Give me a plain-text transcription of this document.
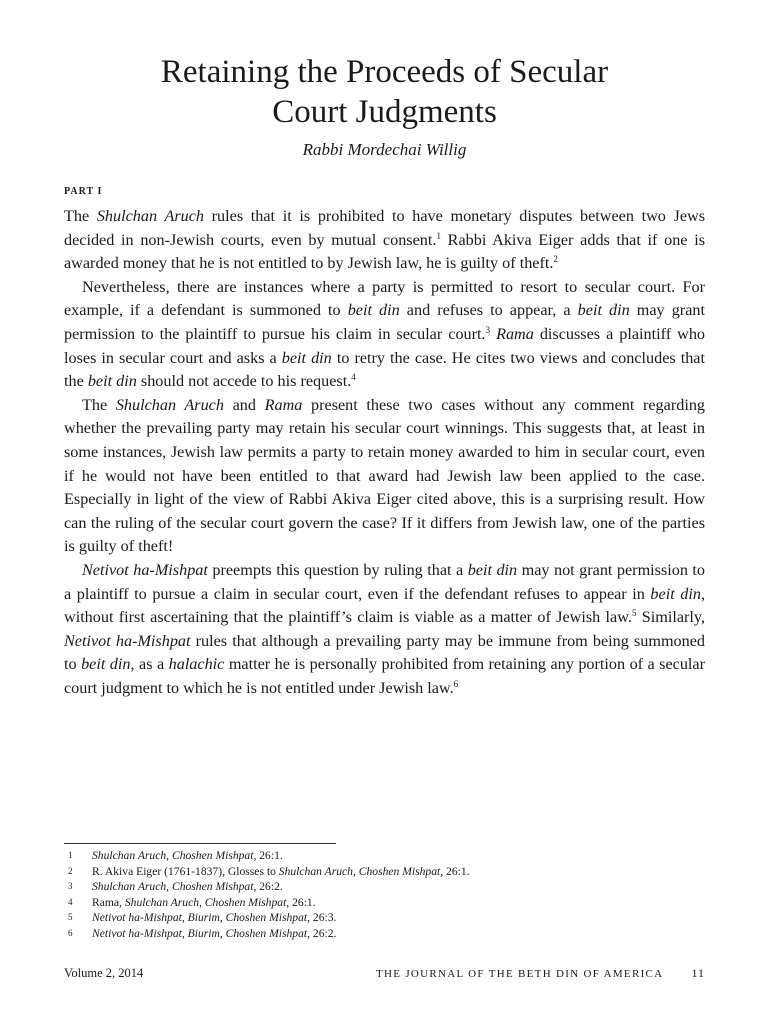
Retaining the Proceeds of Secular
Court Judgments

Rabbi Mordechai Willig

PART I

The Shulchan Aruch rules that it is prohibited to have monetary disputes between two Jews decided in non-Jewish courts, even by mutual consent.$^1$ Rabbi Akiva Eiger adds that if one is awarded money that he is not entitled to by Jewish law, he is guilty of theft.$^2$

Nevertheless, there are instances where a party is permitted to resort to secular court. For example, if a defendant is summoned to beit din and refuses to appear, a beit din may grant permission to the plaintiff to pursue his claim in secular court.$^3$ Rama discusses a plaintiff who loses in secular court and asks a beit din to retry the case. He cites two views and concludes that the beit din should not accede to his request.$^4$

The Shulchan Aruch and Rama present these two cases without any comment regarding whether the prevailing party may retain his secular court winnings. This suggests that, at least in some instances, Jewish law permits a party to retain money awarded to him in secular court, even if he would not have been entitled to that award had Jewish law been applied to the case. Especially in light of the view of Rabbi Akiva Eiger cited above, this is a surprising result. How can the ruling of the secular court govern the case? If it differs from Jewish law, one of the parties is guilty of theft!

Netivot ha-Mishpat preempts this question by ruling that a beit din may not grant permission to a plaintiff to pursue a claim in secular court, even if the defendant refuses to appear in beit din, without first ascertaining that the plaintiff’s claim is viable as a matter of Jewish law.$^5$ Similarly, Netivot ha-Mishpat rules that although a prevailing party may be immune from being summoned to beit din, as a halachic matter he is personally prohibited from retaining any portion of a secular court judgment to which he is not entitled under Jewish law.$^6$

1	Shulchan Aruch, Choshen Mishpat, 26:1.
2	R. Akiva Eiger (1761-1837), Glosses to Shulchan Aruch, Choshen Mishpat, 26:1.
3	Shulchan Aruch, Choshen Mishpat, 26:2.
4	Rama, Shulchan Aruch, Choshen Mishpat, 26:1.
5	Netivot ha-Mishpat, Biurim, Choshen Mishpat, 26:3.
6	Netivot ha-Mishpat, Biurim, Choshen Mishpat, 26:2.
Volume 2, 2014	THE JOURNAL OF THE BETH DIN OF AMERICA 11
